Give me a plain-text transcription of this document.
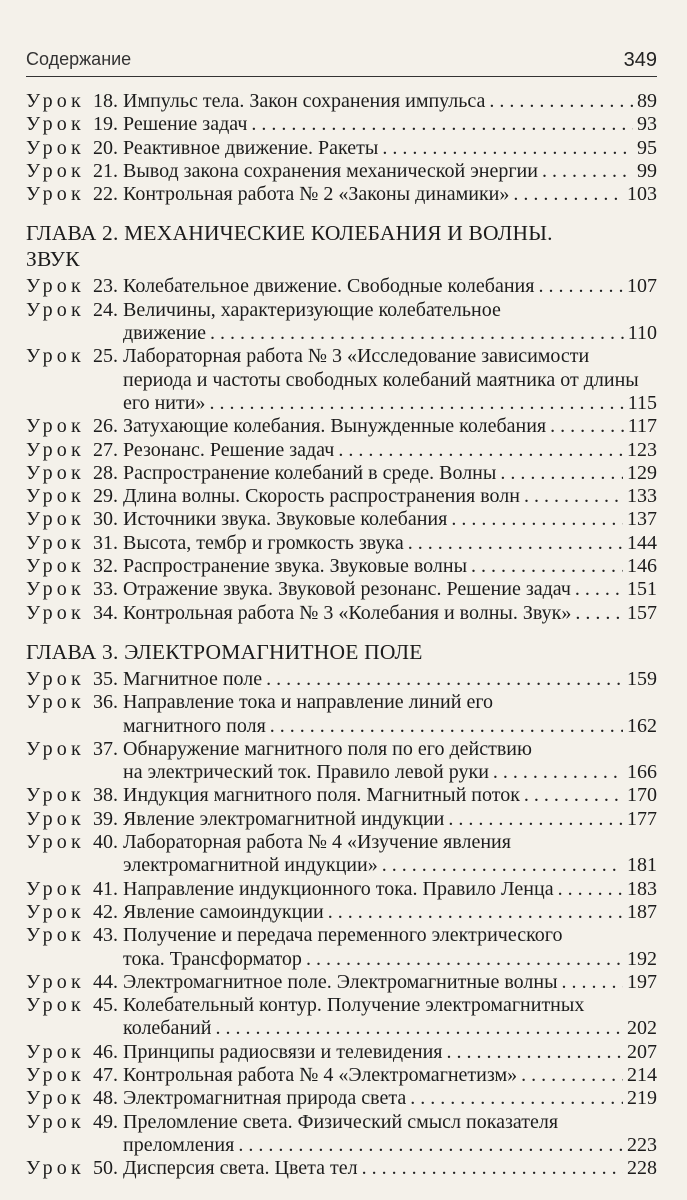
Содержание	349
Урок 18. Импульс тела. Закон сохранения импульса . . .	89
Урок 19. Решение задач . . .	93
Урок 20. Реактивное движение. Ракеты . . .	95
Урок 21. Вывод закона сохранения механической энергии . . .	99
Урок 22. Контрольная работа № 2 «Законы динамики» . . .	103
ГЛАВА 2. МЕХАНИЧЕСКИЕ КОЛЕБАНИЯ И ВОЛНЫ.
ЗВУК
Урок 23. Колебательное движение. Свободные колебания . . .	107
Урок 24. Величины, характеризующие колебательное
движение . . .	110
Урок 25. Лабораторная работа № 3 «Исследование зависимости
периода и частоты свободных колебаний маятника от длины
его нити» . . .	115
Урок 26. Затухающие колебания. Вынужденные колебания . . .	117
Урок 27. Резонанс. Решение задач . . .	123
Урок 28. Распространение колебаний в среде. Волны . . .	129
Урок 29. Длина волны. Скорость распространения волн . . .	133
Урок 30. Источники звука. Звуковые колебания . . .	137
Урок 31. Высота, тембр и громкость звука . . .	144
Урок 32. Распространение звука. Звуковые волны . . .	146
Урок 33. Отражение звука. Звуковой резонанс. Решение задач . . .	151
Урок 34. Контрольная работа № 3 «Колебания и волны. Звук» . . .	157
ГЛАВА 3. ЭЛЕКТРОМАГНИТНОЕ ПОЛЕ
Урок 35. Магнитное поле . . .	159
Урок 36. Направление тока и направление линий его
магнитного поля . . .	162
Урок 37. Обнаружение магнитного поля по его действию
на электрический ток. Правило левой руки . . .	166
Урок 38. Индукция магнитного поля. Магнитный поток . . .	170
Урок 39. Явление электромагнитной индукции . . .	177
Урок 40. Лабораторная работа № 4 «Изучение явления
электромагнитной индукции» . . .	181
Урок 41. Направление индукционного тока. Правило Ленца . . .	183
Урок 42. Явление самоиндукции . . .	187
Урок 43. Получение и передача переменного электрического
тока. Трансформатор . . .	192
Урок 44. Электромагнитное поле. Электромагнитные волны . . .	197
Урок 45. Колебательный контур. Получение электромагнитных
колебаний . . .	202
Урок 46. Принципы радиосвязи и телевидения . . .	207
Урок 47. Контрольная работа № 4 «Электромагнетизм» . . .	214
Урок 48. Электромагнитная природа света . . .	219
Урок 49. Преломление света. Физический смысл показателя
преломления . . .	223
Урок 50. Дисперсия света. Цвета тел . . .	228
